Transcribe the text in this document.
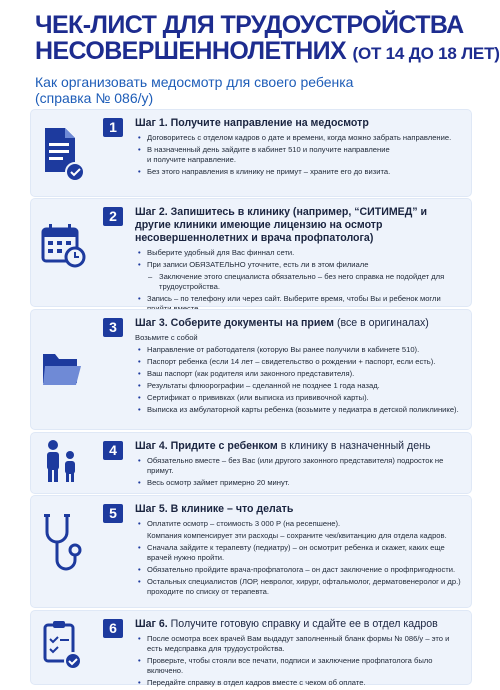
ЧЕК-ЛИСТ ДЛЯ ТРУДОУСТРОЙСТВА
НЕСОВЕРШЕННОЛЕТНИХ (ОТ 14 ДО 18 ЛЕТ)
Как организовать медосмотр для своего ребенка
(справка № 086/у)
1	Шаг 1. Получите направление на медосмотр
• Договоритесь с отделом кадров о дате и времени, когда можно забрать направление.
• В назначенный день зайдите в кабинет 510 и получите направление
и получите направление.
• Без этого направления в клинику не примут – храните его до визита.
2	Шаг 2. Запишитесь в клинику (например, “СИТИМЕД” и другие клиники имеющие лицензию на осмотр несовершеннолетних и врача профпатолога)
• Выберите удобный для Вас финнал сети.
• При записи ОБЯЗАТЕЛЬНО уточните, есть ли в этом филиале
– Заключение этого специалиста обязательно – без него справка не подойдет для трудоустройства.
• Запись – по телефону или через сайт. Выберите время, чтобы Вы и ребенок могли
3	Шаг 3. Соберите документы на прием (все в оригиналах)
Возьмите с собой
• Направление от работодателя (которую Вы ранее получили в кабинете 510).
• Паспорт ребенка (если 14 лет – свидетельство о рождении + паспорт, если есть).
• Ваш паспорт (как родителя или законного представителя).
• Результаты флюорографии – сделанной не позднее 1 года назад.
• Сертификат о прививках (или выписка из прививочной карты).
• Выписка из амбулаторной карты ребенка (возьмите у педиатра в детской поликлинике).
4	Шаг 4. Придите с ребенком в клинику в назначенный день
• Обязательно вместе – без Вас (или другого законного представителя) подросток не примут.
• Весь осмотр займет примерно 20 минут.
5	Шаг 5. В клинике – что делать
• Оплатите осмотр – стоимость 3 000 Р (на ресепшене).
Компания компенсирует эти расходы – сохраните чек/квитанцию для отдела кадров.
• Сначала зайдите к терапевту (педиатру) – он осмотрит ребенка и скажет, каких еще врачей нужно пройти.
• Обязательно пройдите врача-профпатолога – он даст заключение о профпригодности.
• Остальных специалистов (ЛОР, невролог, хирург, офтальмолог, дерматовенеролог и др.) проходите по списку от терапевта.
6	Шаг 6. Получите готовую справку и сдайте ее в отдел кадров
• После осмотра всех врачей Вам выдадут заполненный бланк формы № 086/у – это и есть медсправка для трудоустройства.
• Проверьте, чтобы стояли все печати, подписи и заключение профпатолога было включено.
• Передайте справку в отдел кадров вместе с чеком об оплате.
